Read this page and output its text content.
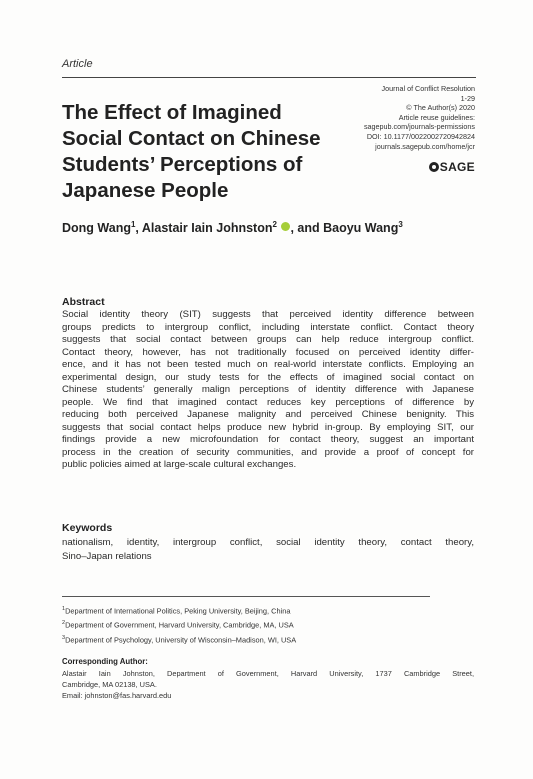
Article
Journal of Conflict Resolution
1-29
© The Author(s) 2020
Article reuse guidelines:
sagepub.com/journals-permissions
DOI: 10.1177/0022002720942824
journals.sagepub.com/home/jcr
SAGE
The Effect of Imagined
Social Contact on Chinese
Students’ Perceptions of
Japanese People
Dong Wang$^1$, Alastair Iain Johnston$^2$ , and Baoyu Wang$^3$
Abstract
Social identity theory (SIT) suggests that perceived identity difference between
groups predicts to intergroup conflict, including interstate conflict. Contact theory
suggests that social contact between groups can help reduce intergroup conflict.
Contact theory, however, has not traditionally focused on perceived identity differ-
ence, and it has not been tested much on real-world interstate conflicts. Employing an
experimental design, our study tests for the effects of imagined social contact on
Chinese students’ generally malign perceptions of identity difference with Japanese
people. We find that imagined contact reduces key perceptions of difference by
reducing both perceived Japanese malignity and perceived Chinese benignity. This
suggests that social contact helps produce new hybrid in-group. By employing SIT, our
findings provide a new microfoundation for contact theory, suggest an important
process in the creation of security communities, and provide a proof of concept for
public policies aimed at large-scale cultural exchanges.
Keywords
nationalism, identity, intergroup conflict, social identity theory, contact theory,
Sino–Japan relations
$^1$Department of International Politics, Peking University, Beijing, China
$^2$Department of Government, Harvard University, Cambridge, MA, USA
$^3$Department of Psychology, University of Wisconsin–Madison, WI, USA
Corresponding Author:
Alastair Iain Johnston, Department of Government, Harvard University, 1737 Cambridge Street,
Cambridge, MA 02138, USA.
Email: johnston@fas.harvard.edu
